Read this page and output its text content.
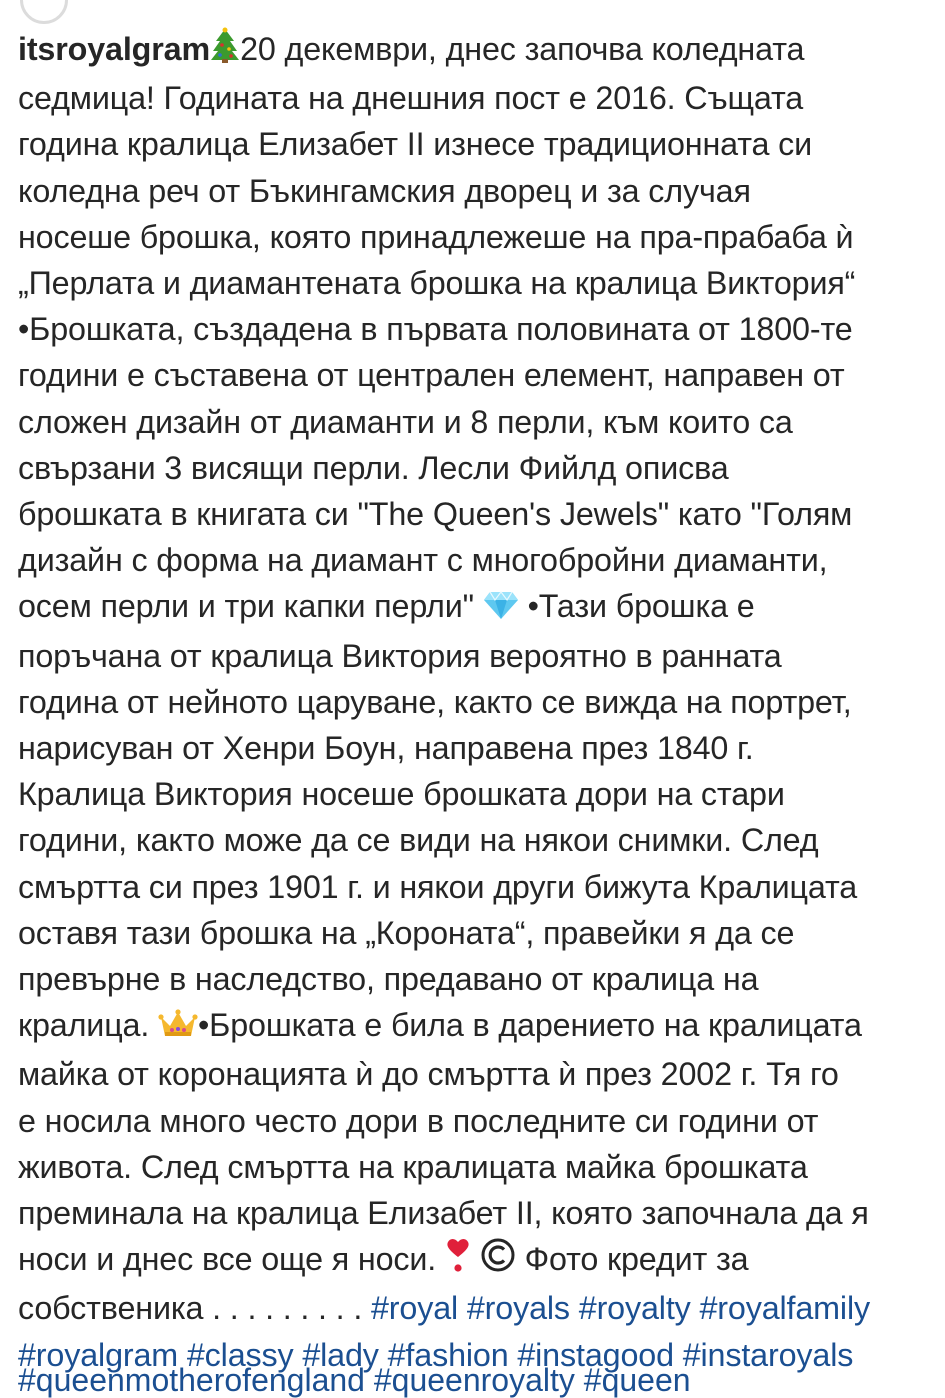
itsroyalgram 20 декември, днес започва коледната
седмица! Годината на днешния пост е 2016. Същата
година кралица Елизабет II изнесе традиционната си
коледна реч от Бъкингамския дворец и за случая
носеше брошка, която принадлежеше на пра-прабаба ѝ
„Перлата и диамантената брошка на кралица Виктория“
•Брошката, създадена в първата половината от 1800-те
години е съставена от централен елемент, направен от
сложен дизайн от диаманти и 8 перли, към които са
свързани 3 висящи перли. Лесли Фийлд описва
брошката в книгата си "The Queen's Jewels" като "Голям
дизайн с форма на диамант с многобройни диаманти,
осем перли и три капки перли" •Тази брошка е
поръчана от кралица Виктория вероятно в ранната
година от нейното царуване, както се вижда на портрет,
нарисуван от Хенри Боун, направена през 1840 г.
Кралица Виктория носеше брошката дори на стари
години, както може да се види на някои снимки. След
смъртта си през 1901 г. и някои други бижута Кралицата
оставя тази брошка на „Короната“, правейки я да се
превърне в наследство, предавано от кралица на
кралица. •Брошката е била в дарението на кралицата
майка от коронацията ѝ до смъртта ѝ през 2002 г. Тя го
е носила много често дори в последните си години от
живота. След смъртта на кралицата майка брошката
преминала на кралица Елизабет II, която започнала да я
носи и днес все още я носи.	Фото кредит за
собственика . . . . . . . . . #royal #royals #royalty #royalfamily
#royalgram #classy #lady #fashion #instagood #instaroyals
#queenmotherofengland #queenroyalty #queen
